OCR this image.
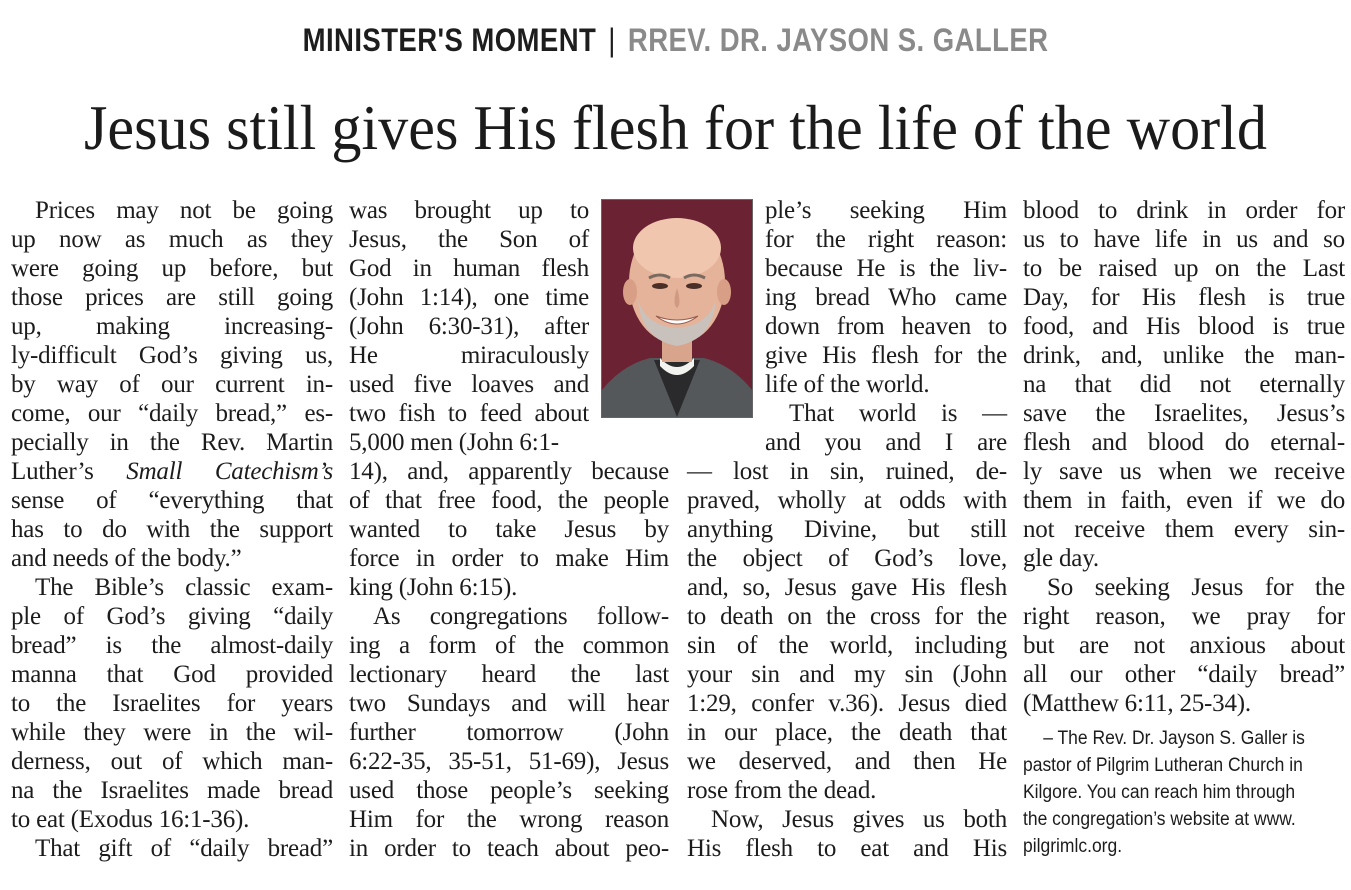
MINISTER'S MOMENT | RREV. DR. JAYSON S. GALLER
Jesus still gives His flesh for the life of the world
Prices may not be going
up now as much as they
were going up before, but
those prices are still going
up, making increasing-
ly-difficult God’s giving us,
by way of our current in-
come, our “daily bread,” es-
pecially in the Rev. Martin
Luther’s Small Catechism’s
sense of “everything that
has to do with the support
and needs of the body.”
The Bible’s classic exam-
ple of God’s giving “daily
bread” is the almost-daily
manna that God provided
to the Israelites for years
while they were in the wil-
derness, out of which man-
na the Israelites made bread
to eat (Exodus 16:1-36).
That gift of “daily bread”
was brought up to
Jesus, the Son of
God in human flesh
(John 1:14), one time
(John 6:30-31), after
He miraculously
used five loaves and
two fish to feed about
5,000 men (John 6:1-
14), and, apparently because
of that free food, the people
wanted to take Jesus by
force in order to make Him
king (John 6:15).
As congregations follow-
ing a form of the common
lectionary heard the last
two Sundays and will hear
further tomorrow (John
6:22-35, 35-51, 51-69), Jesus
used those people’s seeking
Him for the wrong reason
in order to teach about peo-
ple’s seeking Him
for the right reason:
because He is the liv-
ing bread Who came
down from heaven to
give His flesh for the
life of the world.
That world is —
and you and I are
— lost in sin, ruined, de-
praved, wholly at odds with
anything Divine, but still
the object of God’s love,
and, so, Jesus gave His flesh
to death on the cross for the
sin of the world, including
your sin and my sin (John
1:29, confer v.36). Jesus died
in our place, the death that
we deserved, and then He
rose from the dead.
Now, Jesus gives us both
His flesh to eat and His
blood to drink in order for
us to have life in us and so
to be raised up on the Last
Day, for His flesh is true
food, and His blood is true
drink, and, unlike the man-
na that did not eternally
save the Israelites, Jesus’s
flesh and blood do eternal-
ly save us when we receive
them in faith, even if we do
not receive them every sin-
gle day.
So seeking Jesus for the
right reason, we pray for
but are not anxious about
all our other “daily bread”
(Matthew 6:11, 25-34).
– The Rev. Dr. Jayson S. Galler is
pastor of Pilgrim Lutheran Church in
Kilgore. You can reach him through
the congregation’s website at www.
pilgrimlc.org.
